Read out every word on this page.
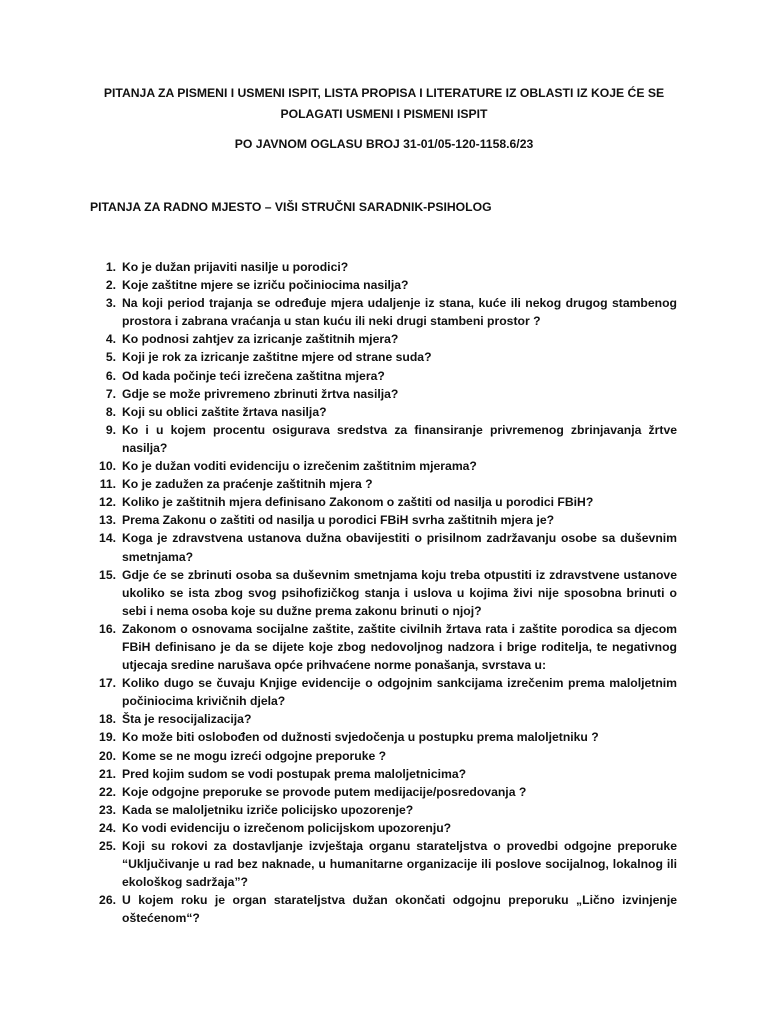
PITANJA ZA PISMENI I USMENI ISPIT, LISTA PROPISA I LITERATURE IZ OBLASTI IZ KOJE ĆE SE POLAGATI USMENI I PISMENI ISPIT
PO JAVNOM OGLASU BROJ 31-01/05-120-1158.6/23
PITANJA ZA RADNO MJESTO – VIŠI STRUČNI SARADNIK-PSIHOLOG
1. Ko je dužan prijaviti nasilje u porodici?
2. Koje zaštitne mjere se izriču počiniocima nasilja?
3. Na koji period trajanja se određuje mjera udaljenje iz stana, kuće ili nekog drugog stambenog prostora i zabrana vraćanja u stan kuću ili neki drugi stambeni prostor ?
4. Ko podnosi zahtjev za izricanje zaštitnih mjera?
5. Koji je rok za izricanje zaštitne mjere od strane suda?
6. Od kada počinje teći izrečena zaštitna mjera?
7. Gdje se može privremeno zbrinuti žrtva nasilja?
8. Koji su oblici zaštite žrtava nasilja?
9. Ko i u kojem procentu osigurava sredstva za finansiranje privremenog zbrinjavanja žrtve nasilja?
10. Ko je dužan voditi evidenciju o izrečenim zaštitnim mjerama?
11. Ko je zadužen za praćenje zaštitnih mjera ?
12. Koliko je zaštitnih mjera definisano Zakonom o zaštiti od nasilja u porodici FBiH?
13. Prema Zakonu o zaštiti od nasilja u porodici FBiH svrha zaštitnih mjera je?
14. Koga je zdravstvena ustanova dužna obavijestiti o prisilnom zadržavanju osobe sa duševnim smetnjama?
15. Gdje će se zbrinuti osoba sa duševnim smetnjama koju treba otpustiti iz zdravstvene ustanove ukoliko se ista zbog svog psihofizičkog stanja i uslova u kojima živi nije sposobna brinuti o sebi i nema osoba koje su dužne prema zakonu brinuti o njoj?
16. Zakonom o osnovama socijalne zaštite, zaštite civilnih žrtava rata i zaštite porodica sa djecom FBiH definisano je da se dijete koje zbog nedovoljnog nadzora i brige roditelja, te negativnog utjecaja sredine narušava opće prihvaćene norme ponašanja, svrstava u:
17. Koliko dugo se čuvaju Knjige evidencije o odgojnim sankcijama izrečenim prema maloljetnim počiniocima krivičnih djela?
18. Šta je resocijalizacija?
19. Ko može biti oslobođen od dužnosti svjedočenja u postupku prema maloljetniku ?
20. Kome se ne mogu izreći odgojne preporuke ?
21. Pred kojim sudom se vodi postupak prema maloljetnicima?
22. Koje odgojne preporuke se provode putem medijacije/posredovanja ?
23. Kada se maloljetniku izriče policijsko upozorenje?
24. Ko vodi evidenciju o izrečenom policijskom upozorenju?
25. Koji su rokovi za dostavljanje izvještaja organu starateljstva o provedbi odgojne preporuke “Uključivanje u rad bez naknade, u humanitarne organizacije ili poslove socijalnog, lokalnog ili ekološkog sadržaja”?
26. U kojem roku je organ starateljstva dužan okončati odgojnu preporuku „Lično izvinjenje oštećenom“?
